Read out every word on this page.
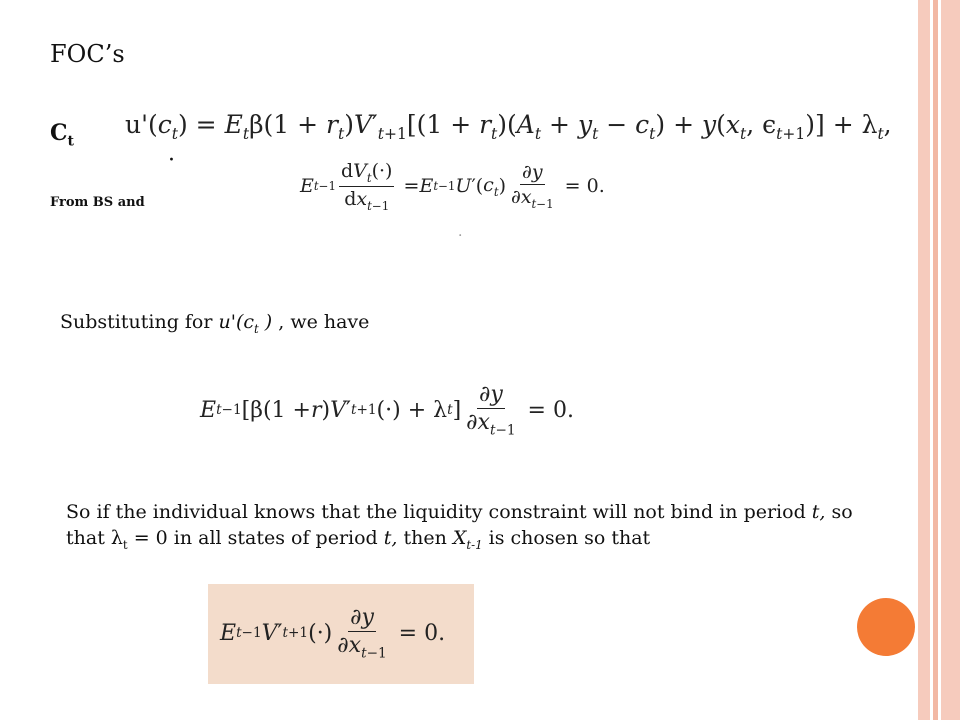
FOC’s
$C_t$
From BS and
Substituting for $u'(c_t$ ) , we have
So if the individual knows that the liquidity constraint will not bind in period t, so that $\lambda_t = 0$ in all states of period t, then $X_{t-1}$ is chosen so that
$u'(c_t) = E_t\beta(1 + r_t)V'_{t+1}[(1 + r_t)(A_t + y_t - c_t) + y(x_t$, $\epsilon_{t+1})] + \lambda_t$,
·
E $t-1 \frac{dV_t(\cdot)}{dx_{t-1}} = E$ t−1 U ′( $c_t$ ) $\frac{\partial y}{\partial x_{t-1}} = 0$.
·
E t−1 [β(1 + r ) V ′ t+1 (·) + λ t ] $\frac{\partial y}{\partial x_{t-1}} = 0$.
E t−1 V ′ t+1 (·) $\frac{\partial y}{\partial x_{t-1}} = 0$.
